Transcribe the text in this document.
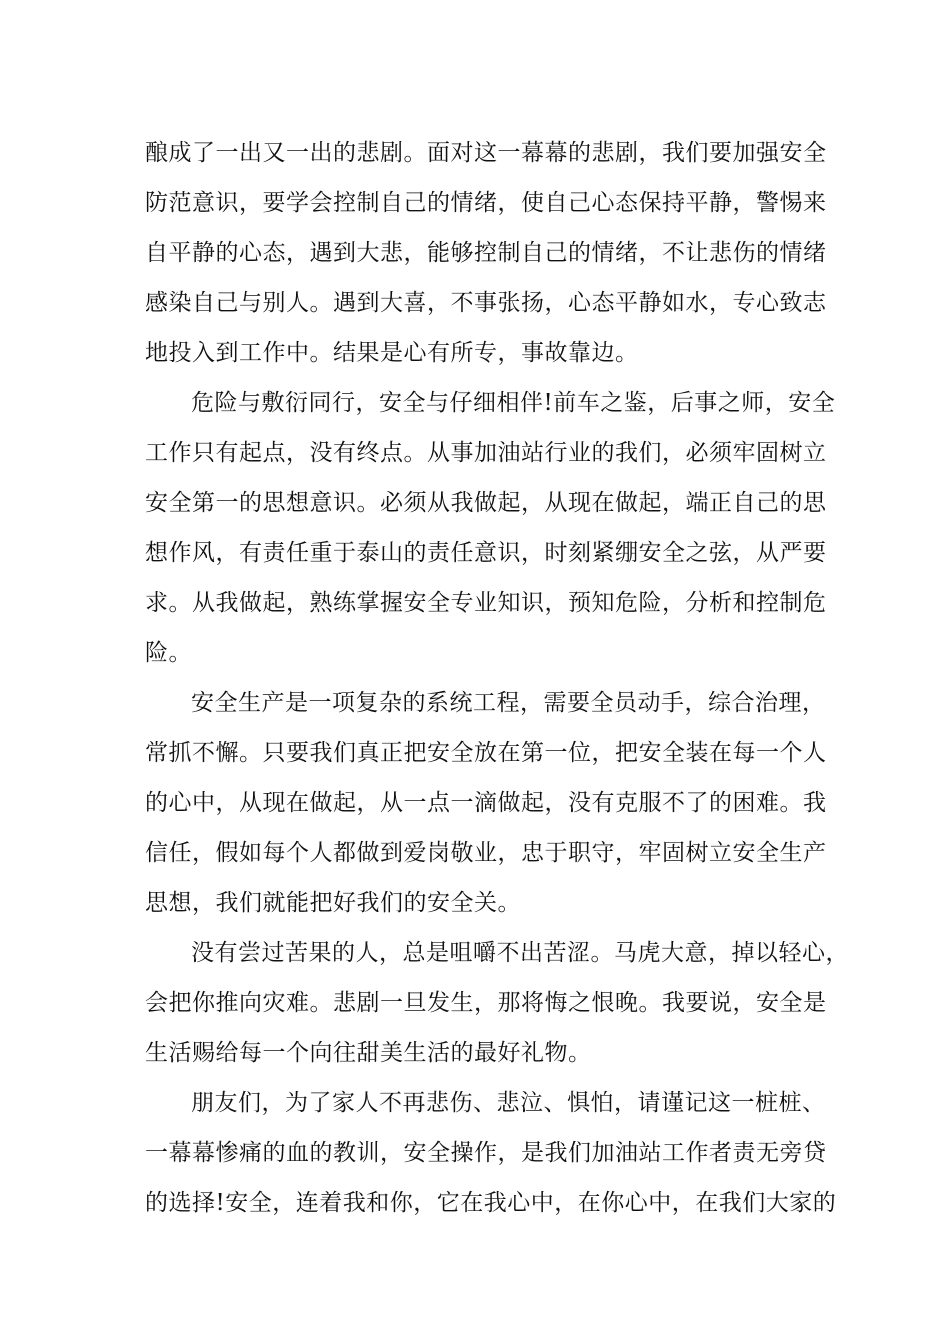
酿成了一出又一出的悲剧。面对这一幕幕的悲剧，我们要加强安全
防范意识，要学会控制自己的情绪，使自己心态保持平静，警惕来
自平静的心态，遇到大悲，能够控制自己的情绪，不让悲伤的情绪
感染自己与别人。遇到大喜，不事张扬，心态平静如水，专心致志
地投入到工作中。结果是心有所专，事故靠边。
危险与敷衍同行，安全与仔细相伴!前车之鉴，后事之师，安全
工作只有起点，没有终点。从事加油站行业的我们，必须牢固树立
安全第一的思想意识。必须从我做起，从现在做起，端正自己的思
想作风，有责任重于泰山的责任意识，时刻紧绷安全之弦，从严要
求。从我做起，熟练掌握安全专业知识，预知危险，分析和控制危
险。
安全生产是一项复杂的系统工程，需要全员动手，综合治理，
常抓不懈。只要我们真正把安全放在第一位，把安全装在每一个人
的心中，从现在做起，从一点一滴做起，没有克服不了的困难。我
信任，假如每个人都做到爱岗敬业，忠于职守，牢固树立安全生产
思想，我们就能把好我们的安全关。
没有尝过苦果的人，总是咀嚼不出苦涩。马虎大意，掉以轻心，
会把你推向灾难。悲剧一旦发生，那将悔之恨晚。我要说，安全是
生活赐给每一个向往甜美生活的最好礼物。
朋友们，为了家人不再悲伤、悲泣、惧怕，请谨记这一桩桩、
一幕幕惨痛的血的教训，安全操作，是我们加油站工作者责无旁贷
的选择!安全，连着我和你，它在我心中，在你心中，在我们大家的
